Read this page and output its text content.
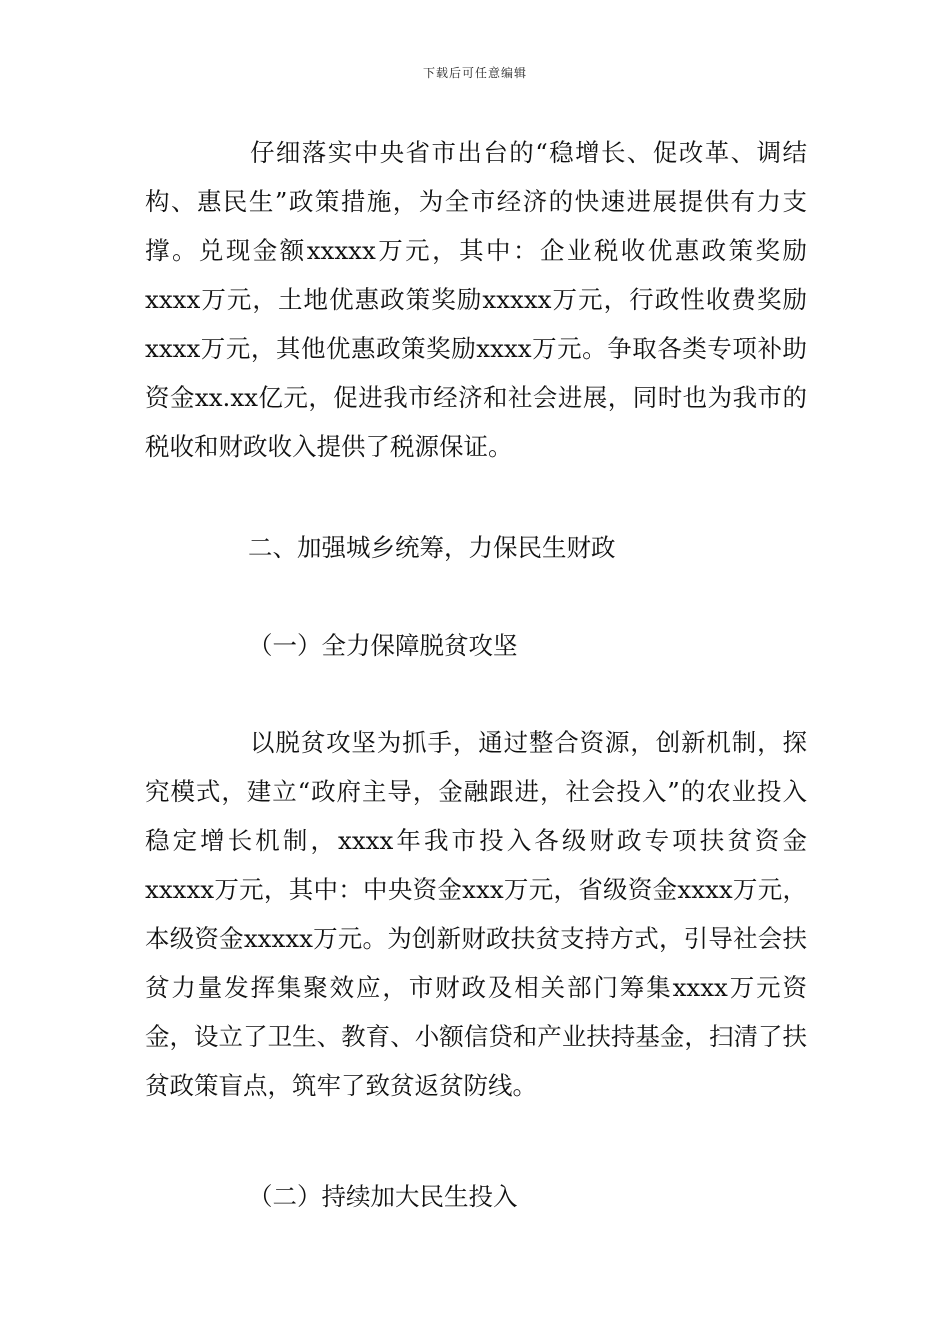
下载后可任意编辑

仔细落实中央省市出台的“稳增长、促改革、调结构、惠民生”政策措施，为全市经济的快速进展提供有力支撑。兑现金额xxxxx万元，其中：企业税收优惠政策奖励xxxx万元，土地优惠政策奖励xxxxx万元，行政性收费奖励xxxx万元，其他优惠政策奖励xxxx万元。争取各类专项补助资金xx.xx亿元，促进我市经济和社会进展，同时也为我市的税收和财政收入提供了税源保证。

二、加强城乡统筹，力保民生财政
（一）全力保障脱贫攻坚

以脱贫攻坚为抓手，通过整合资源，创新机制，探究模式，建立“政府主导，金融跟进，社会投入”的农业投入稳定增长机制，xxxx年我市投入各级财政专项扶贫资金xxxxx万元，其中：中央资金xxx万元，省级资金xxxx万元，本级资金xxxxx万元。为创新财政扶贫支持方式，引导社会扶贫力量发挥集聚效应，市财政及相关部门筹集xxxx万元资金，设立了卫生、教育、小额信贷和产业扶持基金，扫清了扶贫政策盲点，筑牢了致贫返贫防线。

（二）持续加大民生投入
